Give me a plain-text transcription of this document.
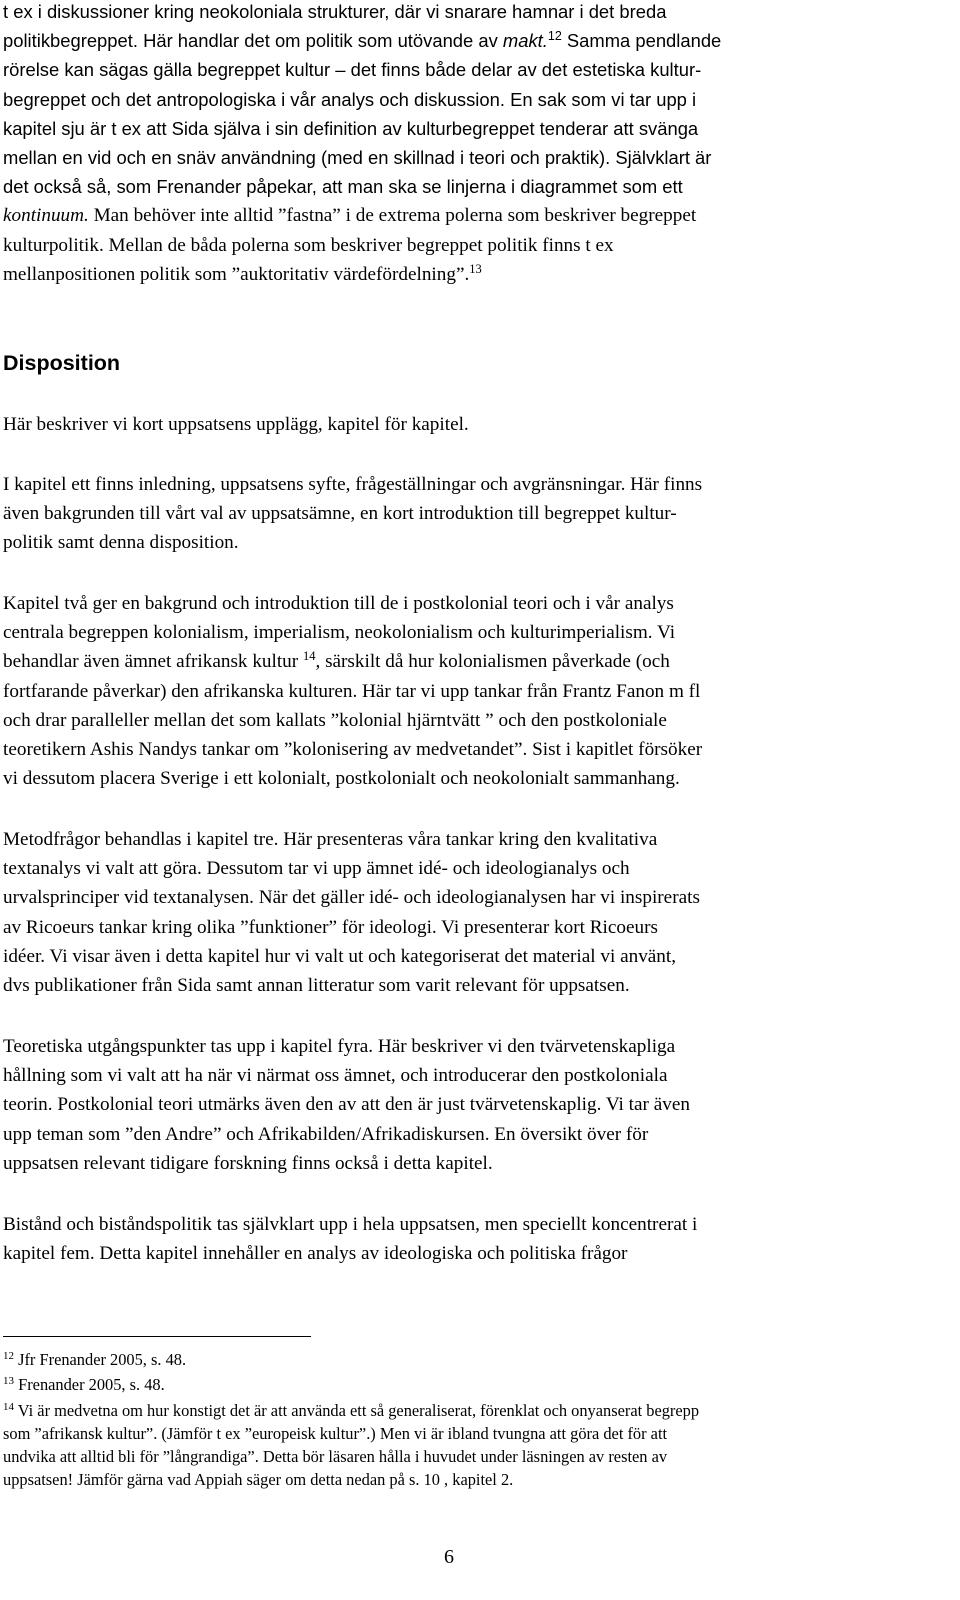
t ex i diskussioner kring neokoloniala strukturer, där vi snarare hamnar i det breda
politikbegreppet. Här handlar det om politik som utövande av makt.$^{12}$ Samma pendlande
rörelse kan sägas gälla begreppet kultur – det finns både delar av det estetiska kultur-
begreppet och det antropologiska i vår analys och diskussion. En sak som vi tar upp i
kapitel sju är t ex att Sida själva i sin definition av kulturbegreppet tenderar att svänga
mellan en vid och en snäv användning (med en skillnad i teori och praktik). Självklart är
det också så, som Frenander påpekar, att man ska se linjerna i diagrammet som ett
kontinuum. Man behöver inte alltid ”fastna” i de extrema polerna som beskriver begreppet
kulturpolitik. Mellan de båda polerna som beskriver begreppet politik finns t ex
mellanpositionen politik som ”auktoritativ värdefördelning”.$^{13}$
Disposition
Här beskriver vi kort uppsatsens upplägg, kapitel för kapitel.
I kapitel ett finns inledning, uppsatsens syfte, frågeställningar och avgränsningar. Här finns
även bakgrunden till vårt val av uppsatsämne, en kort introduktion till begreppet kultur-
politik samt denna disposition.
Kapitel två ger en bakgrund och introduktion till de i postkolonial teori och i vår analys
centrala begreppen kolonialism, imperialism, neokolonialism och kulturimperialism. Vi
behandlar även ämnet afrikansk kultur $^{14}$, särskilt då hur kolonialismen påverkade (och
fortfarande påverkar) den afrikanska kulturen. Här tar vi upp tankar från Frantz Fanon m fl
och drar paralleller mellan det som kallats ”kolonial hjärntvätt ” och den postkoloniale
teoretikern Ashis Nandys tankar om ”kolonisering av medvetandet”. Sist i kapitlet försöker
vi dessutom placera Sverige i ett kolonialt, postkolonialt och neokolonialt sammanhang.
Metodfrågor behandlas i kapitel tre. Här presenteras våra tankar kring den kvalitativa
textanalys vi valt att göra. Dessutom tar vi upp ämnet idé- och ideologianalys och
urvalsprinciper vid textanalysen. När det gäller idé- och ideologianalysen har vi inspirerats
av Ricoeurs tankar kring olika ”funktioner” för ideologi. Vi presenterar kort Ricoeurs
idéer. Vi visar även i detta kapitel hur vi valt ut och kategoriserat det material vi använt,
dvs publikationer från Sida samt annan litteratur som varit relevant för uppsatsen.
Teoretiska utgångspunkter tas upp i kapitel fyra. Här beskriver vi den tvärvetenskapliga
hållning som vi valt att ha när vi närmat oss ämnet, och introducerar den postkoloniala
teorin. Postkolonial teori utmärks även den av att den är just tvärvetenskaplig. Vi tar även
upp teman som ”den Andre” och Afrikabilden/Afrikadiskursen. En översikt över för
uppsatsen relevant tidigare forskning finns också i detta kapitel.
Bistånd och biståndspolitik tas självklart upp i hela uppsatsen, men speciellt koncentrerat i
kapitel fem. Detta kapitel innehåller en analys av ideologiska och politiska frågor
$^{12}$ Jfr Frenander 2005, s. 48.
$^{13}$ Frenander 2005, s. 48.
$^{14}$ Vi är medvetna om hur konstigt det är att använda ett så generaliserat, förenklat och onyanserat begrepp
som ”afrikansk kultur”. (Jämför t ex ”europeisk kultur”.) Men vi är ibland tvungna att göra det för att
undvika att alltid bli för ”långrandiga”. Detta bör läsaren hålla i huvudet under läsningen av resten av
uppsatsen! Jämför gärna vad Appiah säger om detta nedan på s. 10 , kapitel 2.
6
